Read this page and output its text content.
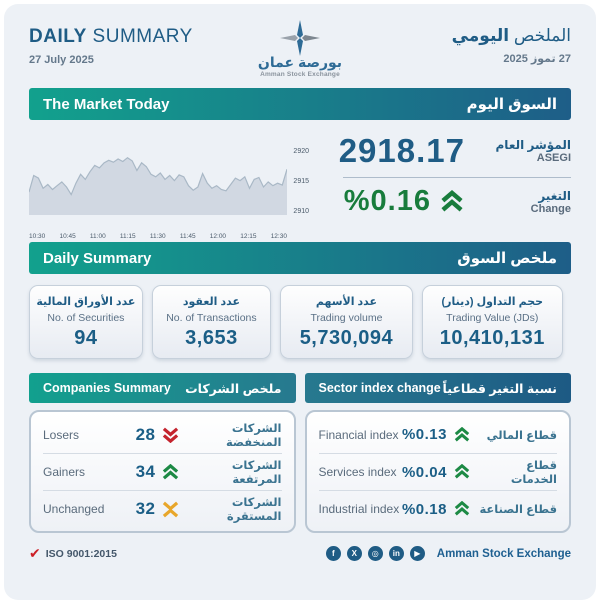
DAILY SUMMARY
27 July 2025	بورصة عمان
Amman Stock Exchange
الملخص اليومي
27 تموز 2025
The Market Today	السوق اليوم
2920
2915
2910
10:30 10:45 11:00 11:15 11:30 11:45 12:00 12:15 12:30
2918.17	المؤشر العام
ASEGI
%0.16	التغير
Change
Daily Summary	ملخص السوق
عدد الأوراق المالية
No. of Securities
94
عدد العقود
No. of Transactions
3,653
عدد الأسهم
Trading volume
5,730,094
حجم التداول (دينار)
Trading Value (JDs)
10,410,131
Companies Summary ملخص الشركات
Losers	28	الشركات المنخفضة
Gainers	34	الشركات المرتفعة
Unchanged	32	الشركات المستقرة
Sector index change نسبة التغير قطاعياً
Financial index %0.13	قطاع المالي
Services index %0.04	قطاع الخدمات
Industrial index %0.18	قطاع الصناعة
✔ ISO 9001:2015	f	X	◎	in	▶	Amman Stock Exchange
